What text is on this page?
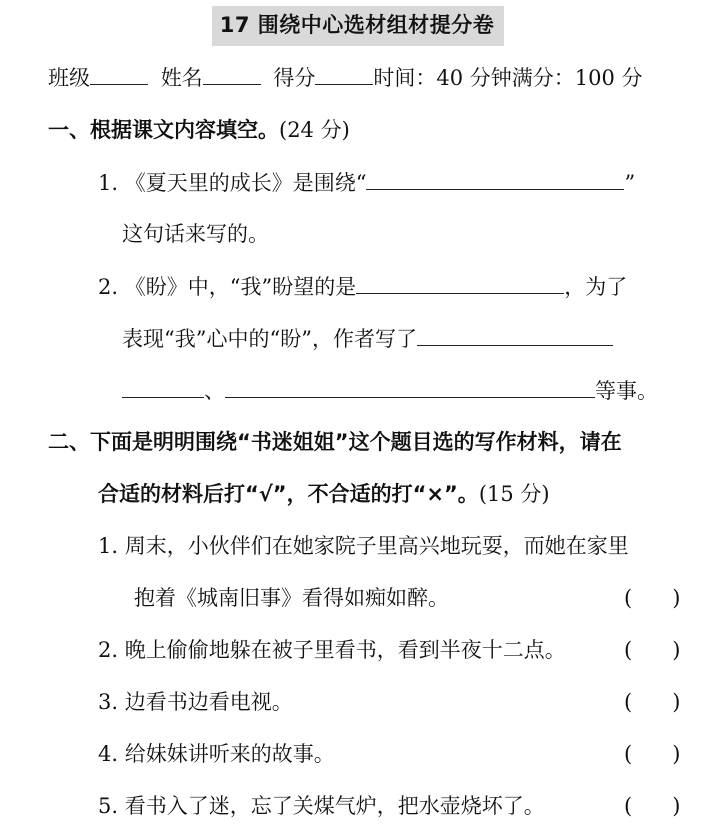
17 围绕中心选材组材提分卷
班级	姓名	得分	时间：40 分钟满分：100 分
一、根据课文内容填空。(24 分)
1. 《夏天里的成长》是围绕“	”
这句话来写的。
2. 《盼》中，“我”盼望的是	，为了
表现“我”心中的“盼”，作者写了
、	等事。
二、下面是明明围绕“书迷姐姐”这个题目选的写作材料，请在
合适的材料后打“√”，不合适的打“×”。(15 分)
1. 周末，小伙伴们在她家院子里高兴地玩耍，而她在家里
抱着《城南旧事》看得如痴如醉。	(      )
2. 晚上偷偷地躲在被子里看书，看到半夜十二点。	(      )
3. 边看书边看电视。	(      )
4. 给妹妹讲听来的故事。	(      )
5. 看书入了迷，忘了关煤气炉，把水壶烧坏了。	(      )
